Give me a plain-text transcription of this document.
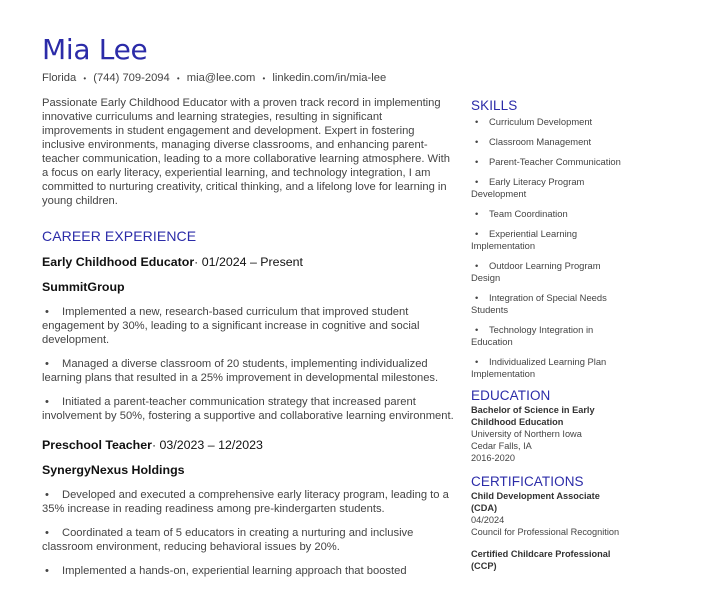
Mia Lee
Florida • (744) 709-2094 • mia@lee.com • linkedin.com/in/mia-lee

Passionate Early Childhood Educator with a proven track record in implementing innovative curriculums and learning strategies, resulting in significant improvements in student engagement and development. Expert in fostering inclusive environments, managing diverse classrooms, and enhancing parent-teacher communication, leading to a more collaborative learning atmosphere. With a focus on early literacy, experiential learning, and technology integration, I am committed to nurturing creativity, critical thinking, and a lifelong love for learning in young children.

CAREER EXPERIENCE
Early Childhood Educator· 01/2024 – Present
SummitGroup
• Implemented a new, research-based curriculum that improved student engagement by 30%, leading to a significant increase in cognitive and social development.
• Managed a diverse classroom of 20 students, implementing individualized learning plans that resulted in a 25% improvement in developmental milestones.
• Initiated a parent-teacher communication strategy that increased parent involvement by 50%, fostering a supportive and collaborative learning environment.
Preschool Teacher· 03/2023 – 12/2023
SynergyNexus Holdings
• Developed and executed a comprehensive early literacy program, leading to a 35% increase in reading readiness among pre-kindergarten students.
• Coordinated a team of 5 educators in creating a nurturing and inclusive classroom environment, reducing behavioral issues by 20%.
• Implemented a hands-on, experiential learning approach that boosted
SKILLS
• Curriculum Development
• Classroom Management
• Parent-Teacher Communication
• Early Literacy Program Development
• Team Coordination
• Experiential Learning Implementation
• Outdoor Learning Program Design
• Integration of Special Needs Students
• Technology Integration in Education
• Individualized Learning Plan Implementation
EDUCATION
Bachelor of Science in Early Childhood Education
University of Northern Iowa
Cedar Falls, IA
2016-2020
CERTIFICATIONS
Child Development Associate (CDA)
04/2024
Council for Professional Recognition
Certified Childcare Professional (CCP)
